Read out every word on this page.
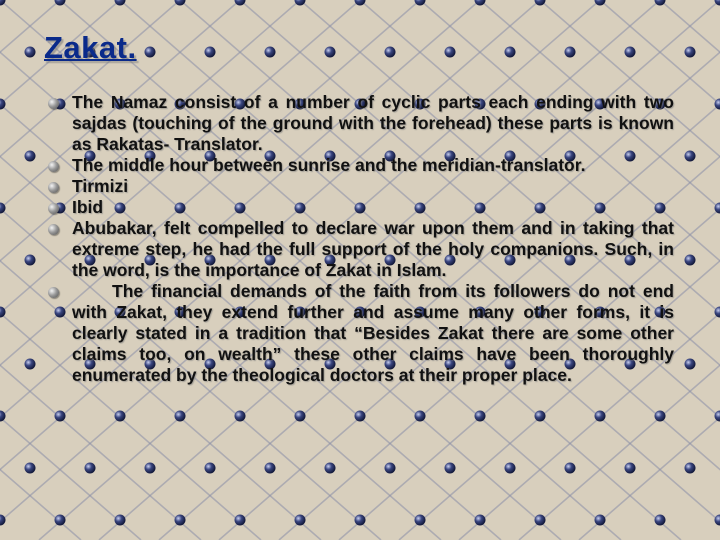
Zakat.
The Namaz consist of a number of cyclic parts each ending with two sajdas (touching of the ground with the forehead) these parts is known as Rakatas- Translator.
The middle hour between sunrise and the meridian-translator.
Tirmizi
Ibid
Abubakar, felt compelled to declare war upon them and in taking that extreme step, he had the full support of the holy companions. Such, in the word, is the importance of Zakat in Islam.
The financial demands of the faith from its followers do not end with Zakat, they extend further and assume many other forms, it is clearly stated in a tradition that “Besides Zakat there are some other claims too, on wealth” these other claims have been thoroughly enumerated by the theological doctors at their proper place.
